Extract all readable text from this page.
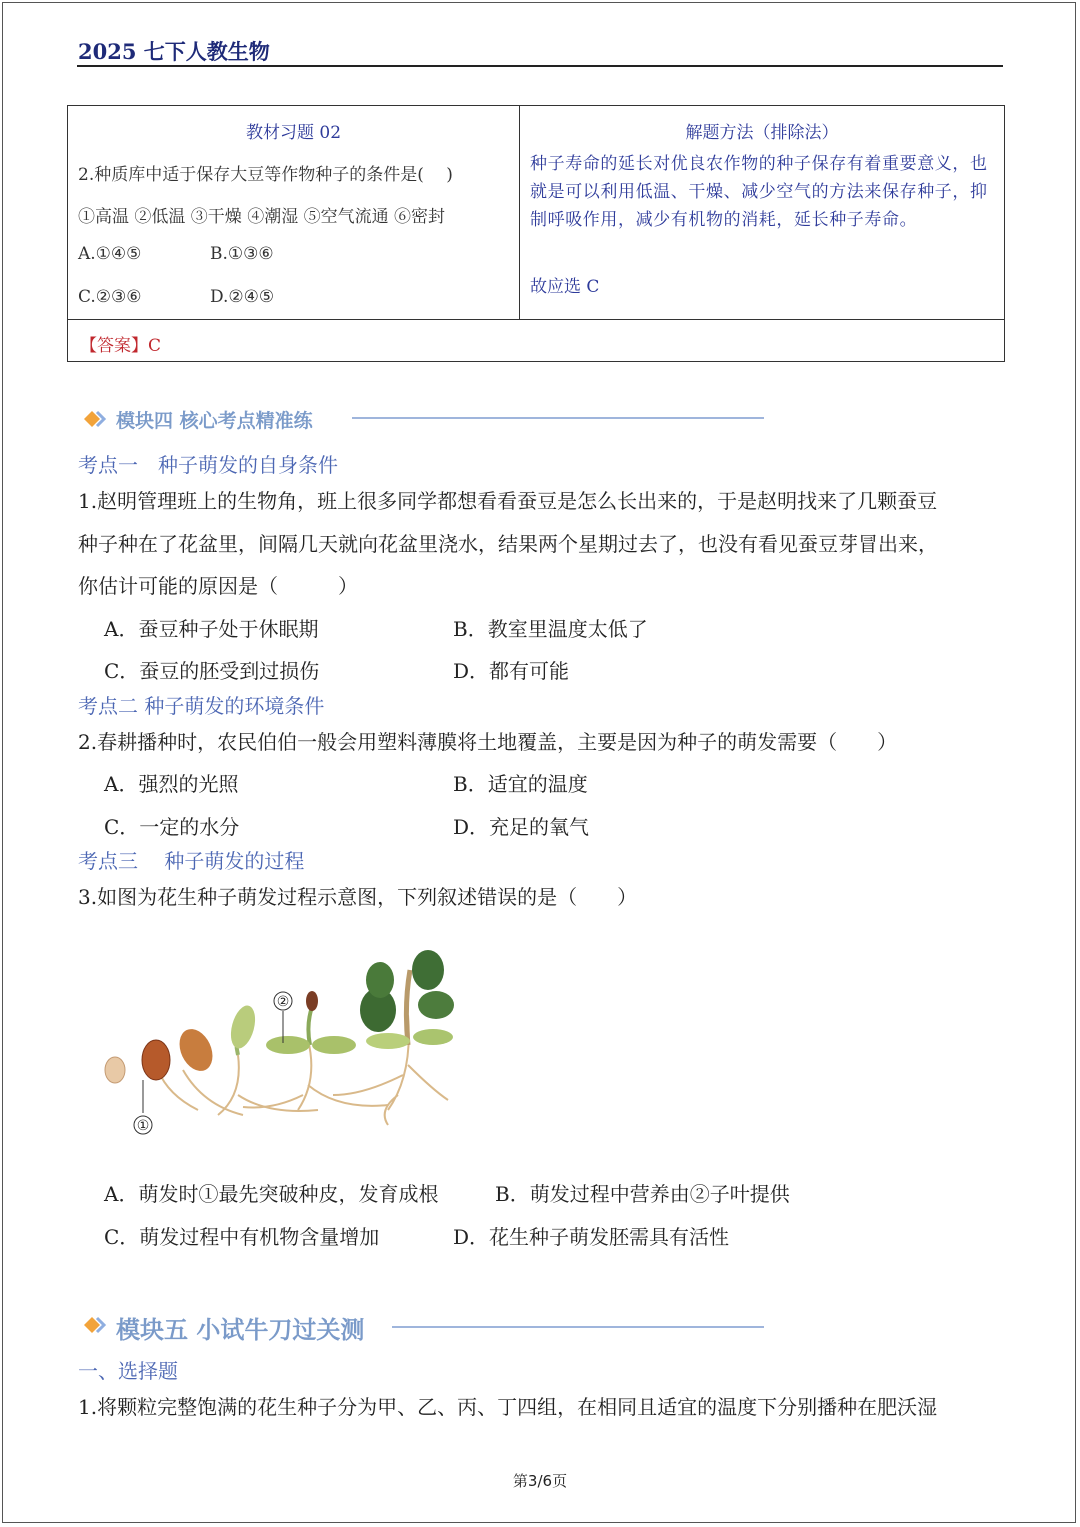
2025 七下人教生物
教材习题 02
2.种质库中适于保存大豆等作物种子的条件是(　 )
①高温 ②低温 ③干燥 ④潮湿 ⑤空气流通 ⑥密封
A.①④⑤	B.①③⑥
C.②③⑥	D.②④⑤
解题方法（排除法）
种子寿命的延长对优良农作物的种子保存有着重要意义，也就是可以利用低温、干燥、减少空气的方法来保存种子，抑制呼吸作用，减少有机物的消耗，延长种子寿命。
故应选 C
【答案】C
模块四 核心考点精准练
考点一　种子萌发的自身条件
1.赵明管理班上的生物角，班上很多同学都想看看蚕豆是怎么长出来的，于是赵明找来了几颗蚕豆
种子种在了花盆里，间隔几天就向花盆里浇水，结果两个星期过去了，也没有看见蚕豆芽冒出来，
你估计可能的原因是（　　　）
A．蚕豆种子处于休眠期	B．教室里温度太低了
C．蚕豆的胚受到过损伤	D．都有可能
考点二 种子萌发的环境条件
2.春耕播种时，农民伯伯一般会用塑料薄膜将土地覆盖，主要是因为种子的萌发需要（　　）
A．强烈的光照	B．适宜的温度
C．一定的水分	D．充足的氧气
考点三　 种子萌发的过程
3.如图为花生种子萌发过程示意图，下列叙述错误的是（　　）
①
②
A．萌发时①最先突破种皮，发育成根	B．萌发过程中营养由②子叶提供
C．萌发过程中有机物含量增加	D．花生种子萌发胚需具有活性
模块五 小试牛刀过关测
一、选择题
1.将颗粒完整饱满的花生种子分为甲、乙、丙、丁四组，在相同且适宜的温度下分别播种在肥沃湿
第3/6页
